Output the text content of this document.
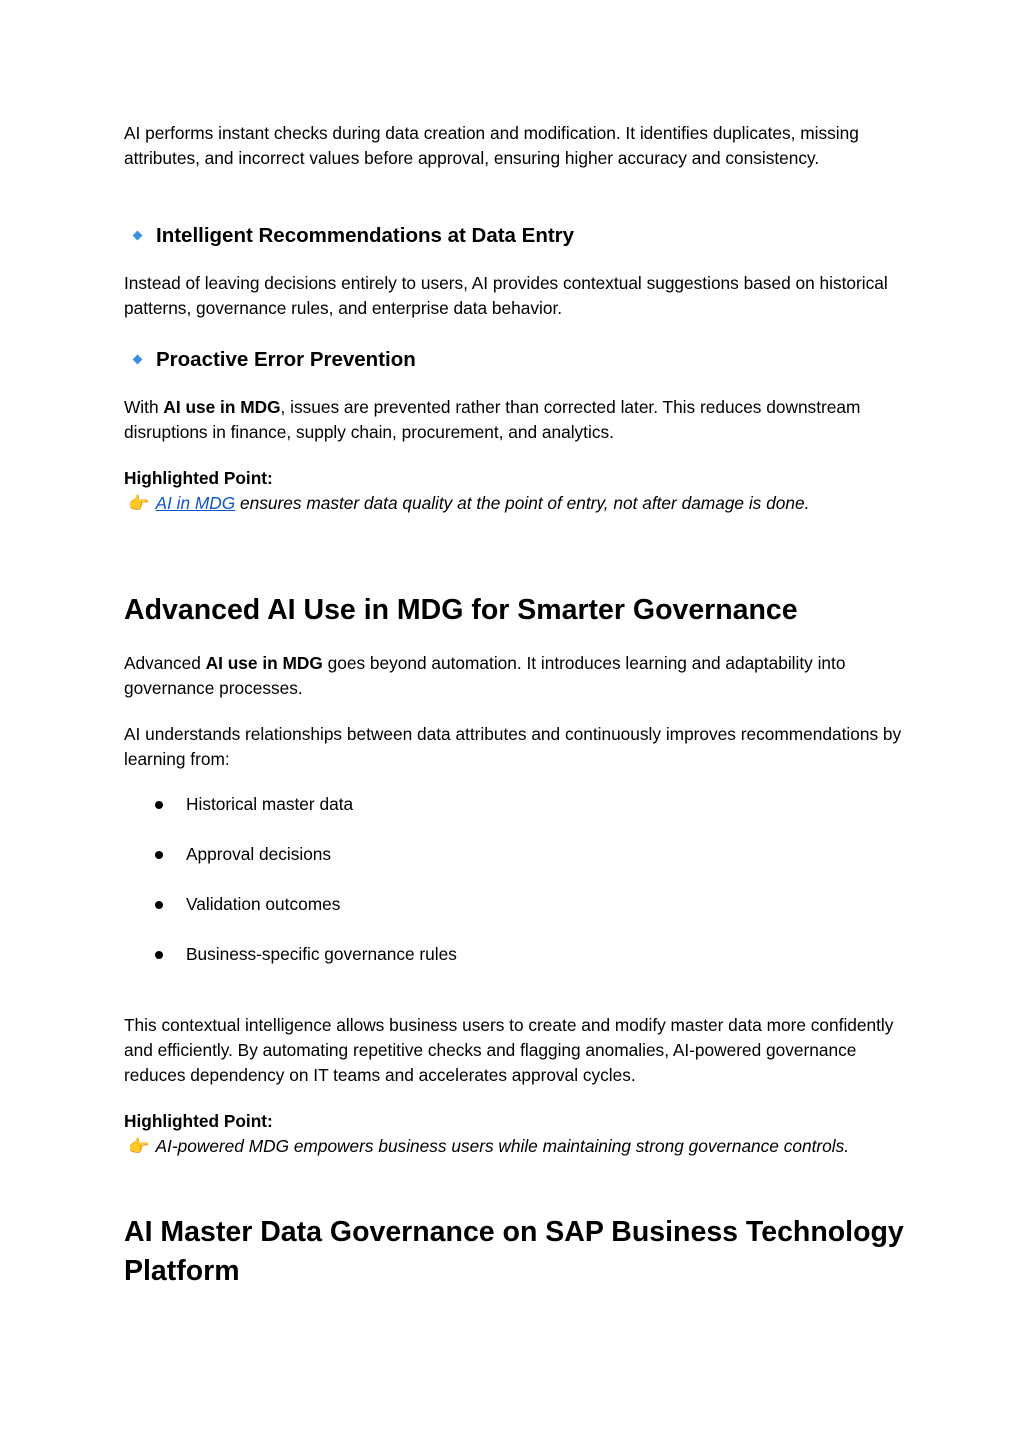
AI performs instant checks during data creation and modification. It identifies duplicates, missing attributes, and incorrect values before approval, ensuring higher accuracy and consistency.

Intelligent Recommendations at Data Entry

Instead of leaving decisions entirely to users, AI provides contextual suggestions based on historical patterns, governance rules, and enterprise data behavior.

Proactive Error Prevention

With AI use in MDG, issues are prevented rather than corrected later. This reduces downstream disruptions in finance, supply chain, procurement, and analytics.

Highlighted Point:
👉 AI in MDG ensures master data quality at the point of entry, not after damage is done.

Advanced AI Use in MDG for Smarter Governance

Advanced AI use in MDG goes beyond automation. It introduces learning and adaptability into governance processes.

AI understands relationships between data attributes and continuously improves recommendations by learning from:

Historical master data
Approval decisions
Validation outcomes
Business-specific governance rules

This contextual intelligence allows business users to create and modify master data more confidently and efficiently. By automating repetitive checks and flagging anomalies, AI-powered governance reduces dependency on IT teams and accelerates approval cycles.

Highlighted Point:
👉 AI-powered MDG empowers business users while maintaining strong governance controls.

AI Master Data Governance on SAP Business Technology Platform
